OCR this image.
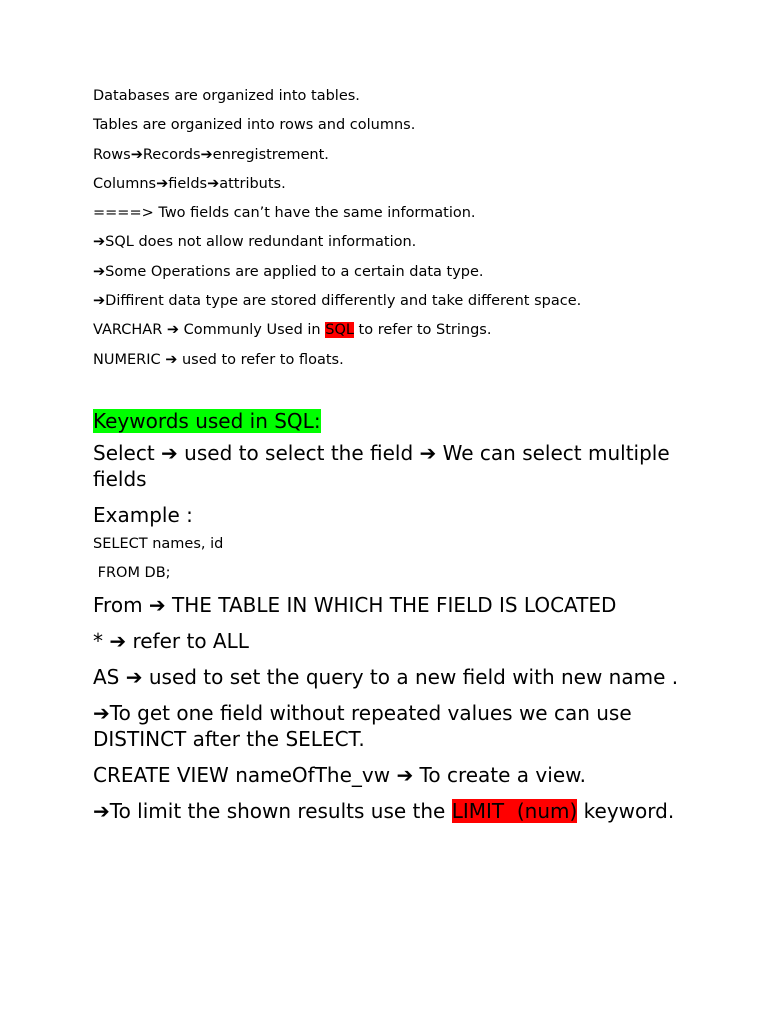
Databases are organized into tables.

Tables are organized into rows and columns.

Rows➔Records➔enregistrement.

Columns➔fields➔attributs.

====> Two fields can’t have the same information.

➔SQL does not allow redundant information.

➔Some Operations are applied to a certain data type.

➔Diffirent data type are stored differently and take different space.

VARCHAR ➔ Communly Used in SQL to refer to Strings.

NUMERIC ➔ used to refer to floats.

Keywords used in SQL:

Select ➔ used to select the field ➔ We can select multiple fields

Example :

SELECT names, id

FROM DB;

From ➔ THE TABLE IN WHICH THE FIELD IS LOCATED

* ➔ refer to ALL

AS ➔ used to set the query to a new field with new name .

➔To get one field without repeated values we can use DISTINCT after the SELECT.

CREATE VIEW nameOfThe_vw ➔ To create a view.

➔To limit the shown results use the LIMIT  (num) keyword.
